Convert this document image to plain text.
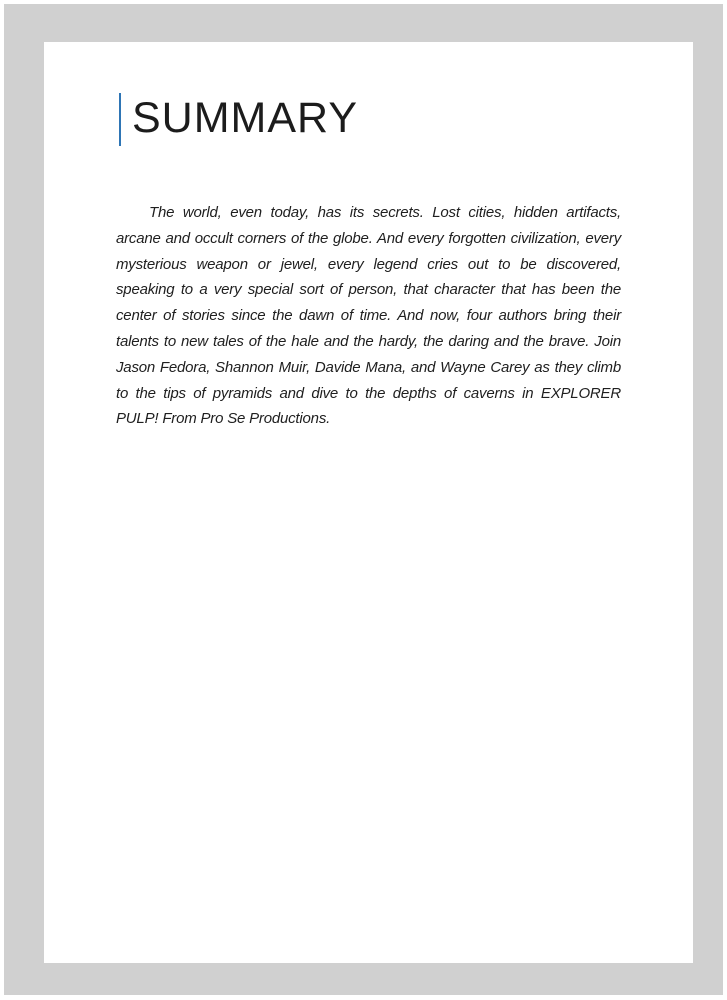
SUMMARY

The world, even today, has its secrets. Lost cities, hidden artifacts, arcane and occult corners of the globe. And every forgotten civilization, every mysterious weapon or jewel, every legend cries out to be discovered, speaking to a very special sort of person, that character that has been the center of stories since the dawn of time. And now, four authors bring their talents to new tales of the hale and the hardy, the daring and the brave. Join Jason Fedora, Shannon Muir, Davide Mana, and Wayne Carey as they climb to the tips of pyramids and dive to the depths of caverns in EXPLORER PULP! From Pro Se Productions.
